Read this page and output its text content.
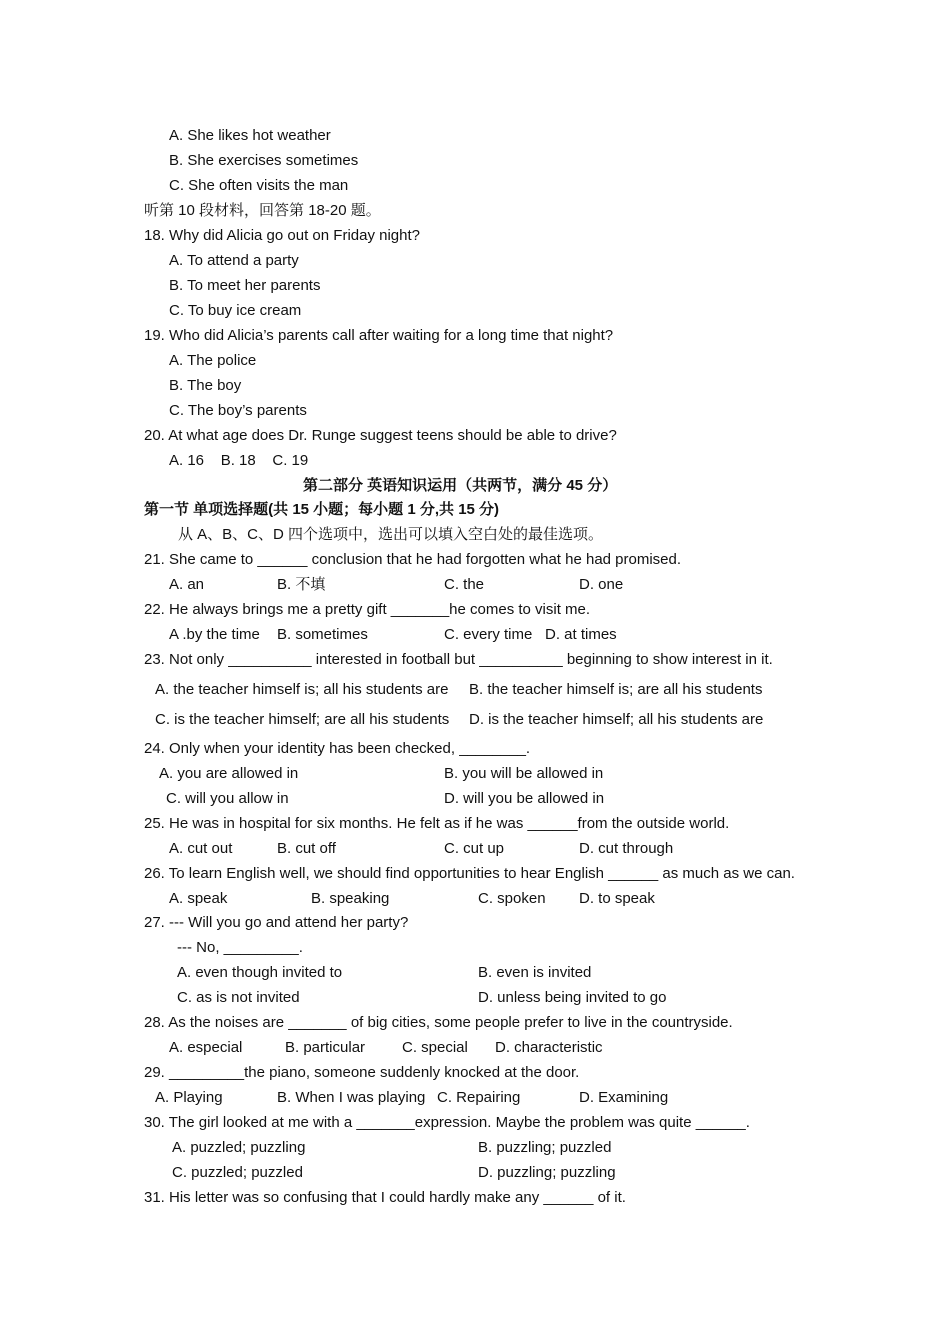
A. She likes hot weather
B. She exercises sometimes
C. She often visits the man
听第 10 段材料，回答第 18-20 题。
18. Why did Alicia go out on Friday night?
A. To attend a party
B. To meet her parents
C. To buy ice cream
19. Who did Alicia’s parents call after waiting for a long time that night?
A. The police
B. The boy
C. The boy’s parents
20. At what age does Dr. Runge suggest teens should be able to drive?
A. 16    B. 18    C. 19
第二部分 英语知识运用（共两节，满分 45 分）
第一节 单项选择题(共 15 小题；每小题 1 分,共 15 分)
从 A、B、C、D 四个选项中，选出可以填入空白处的最佳选项。
21. She came to ______ conclusion that he had forgotten what he had promised.
A. an	B. 不填	C. the	D. one
22. He always brings me a pretty gift _______he comes to visit me.
A .by the time B. sometimes	C. every time D. at times
23. Not only __________ interested in football but __________ beginning to show interest in it.
A. the teacher himself is; all his students are B. the teacher himself is; are all his students
C. is the teacher himself; are all his students D. is the teacher himself; all his students are
24. Only when your identity has been checked, ________.
A. you are allowed in	B. you will be allowed in
C. will you allow in	D. will you be allowed in
25. He was in hospital for six months. He felt as if he was ______from the outside world.
A. cut out	B. cut off	C. cut up	D. cut through
26. To learn English well, we should find opportunities to hear English ______ as much as we can.
A. speak	B. speaking	C. spoken D. to speak
27. --- Will you go and attend her party?
--- No, _________.
A. even though invited to	B. even is invited
C. as is not invited	D. unless being invited to go
28. As the noises are _______ of big cities, some people prefer to live in the countryside.
A. especial	B. particular C. special D. characteristic
29. _________the piano, someone suddenly knocked at the door.
A. Playing	B. When I was playing C. Repairing	D. Examining
30. The girl looked at me with a _______expression. Maybe the problem was quite ______.
A. puzzled; puzzling	B. puzzling; puzzled
C. puzzled; puzzled	D. puzzling; puzzling
31. His letter was so confusing that I could hardly make any ______ of it.
